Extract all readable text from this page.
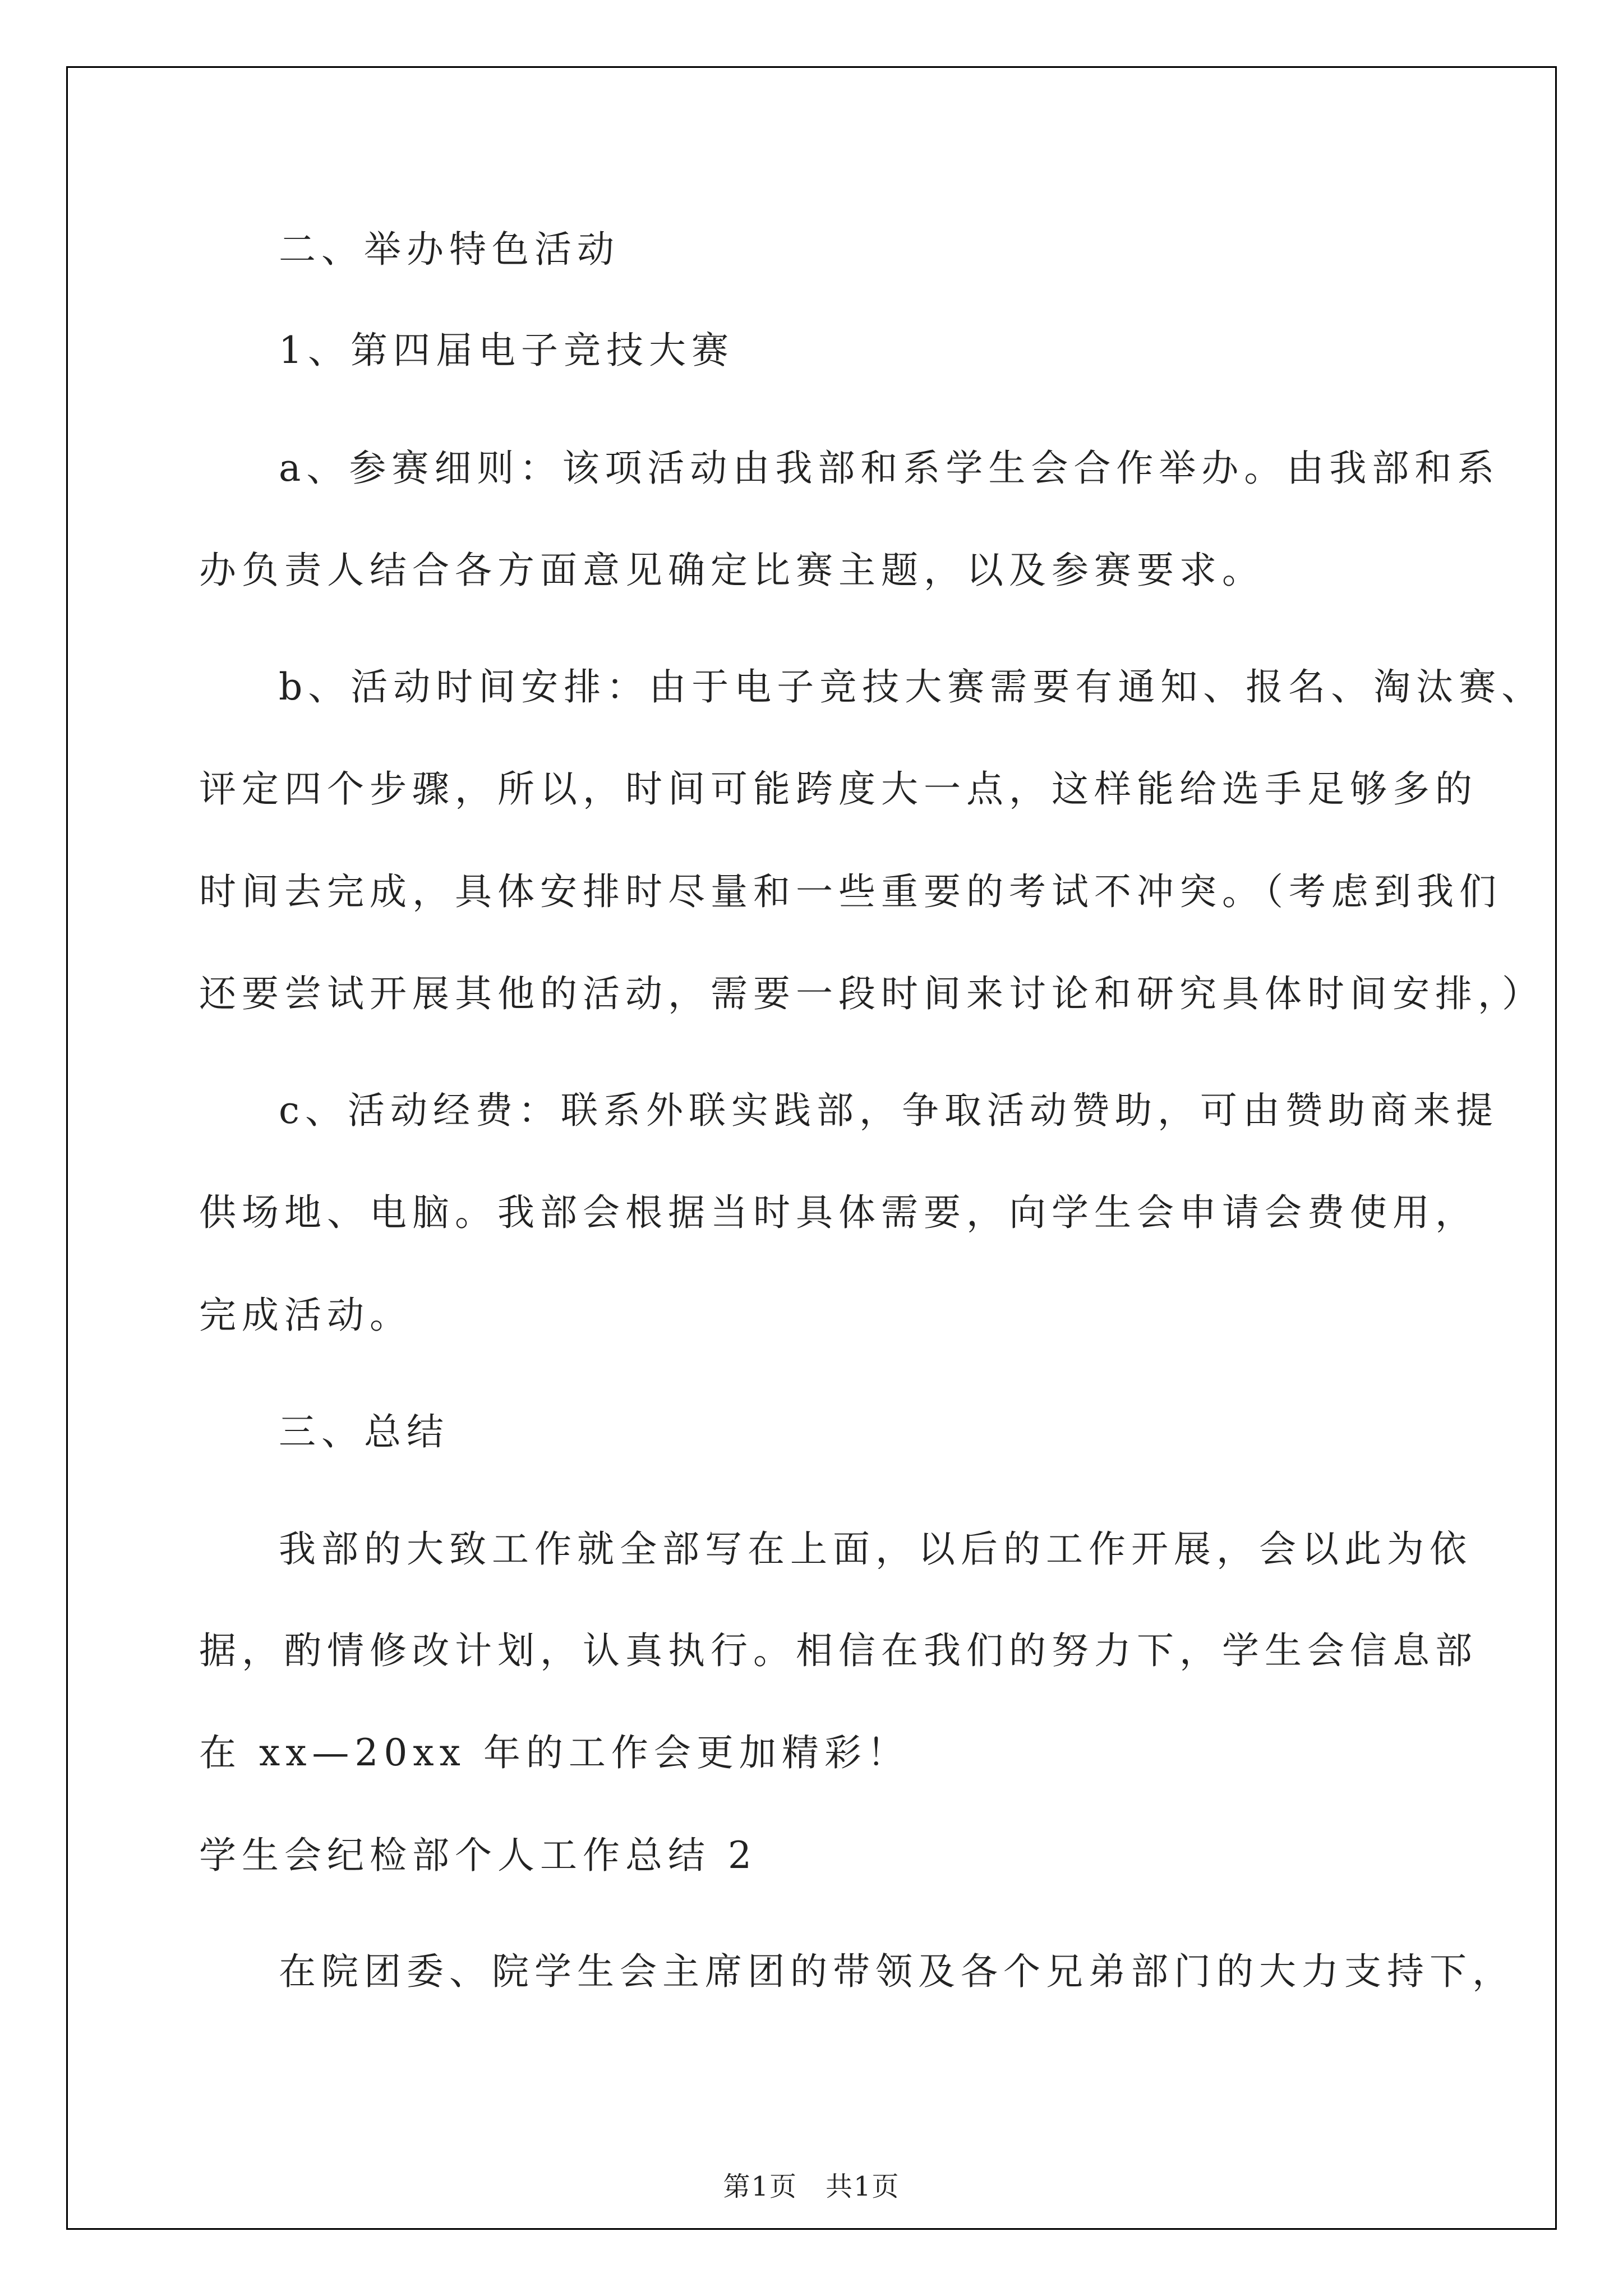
二、举办特色活动
1、第四届电子竞技大赛
a、参赛细则：该项活动由我部和系学生会合作举办。由我部和系
办负责人结合各方面意见确定比赛主题，以及参赛要求。
b、活动时间安排：由于电子竞技大赛需要有通知、报名、淘汰赛、
评定四个步骤，所以，时间可能跨度大一点，这样能给选手足够多的
时间去完成，具体安排时尽量和一些重要的考试不冲突。（考虑到我们
还要尝试开展其他的活动，需要一段时间来讨论和研究具体时间安排，）
c、活动经费：联系外联实践部，争取活动赞助，可由赞助商来提
供场地、电脑。我部会根据当时具体需要，向学生会申请会费使用，
完成活动。
三、总结
我部的大致工作就全部写在上面，以后的工作开展，会以此为依
据，酌情修改计划，认真执行。相信在我们的努力下，学生会信息部
在 xx—20xx 年的工作会更加精彩！
学生会纪检部个人工作总结 2
在院团委、院学生会主席团的带领及各个兄弟部门的大力支持下，
第1页　共1页
